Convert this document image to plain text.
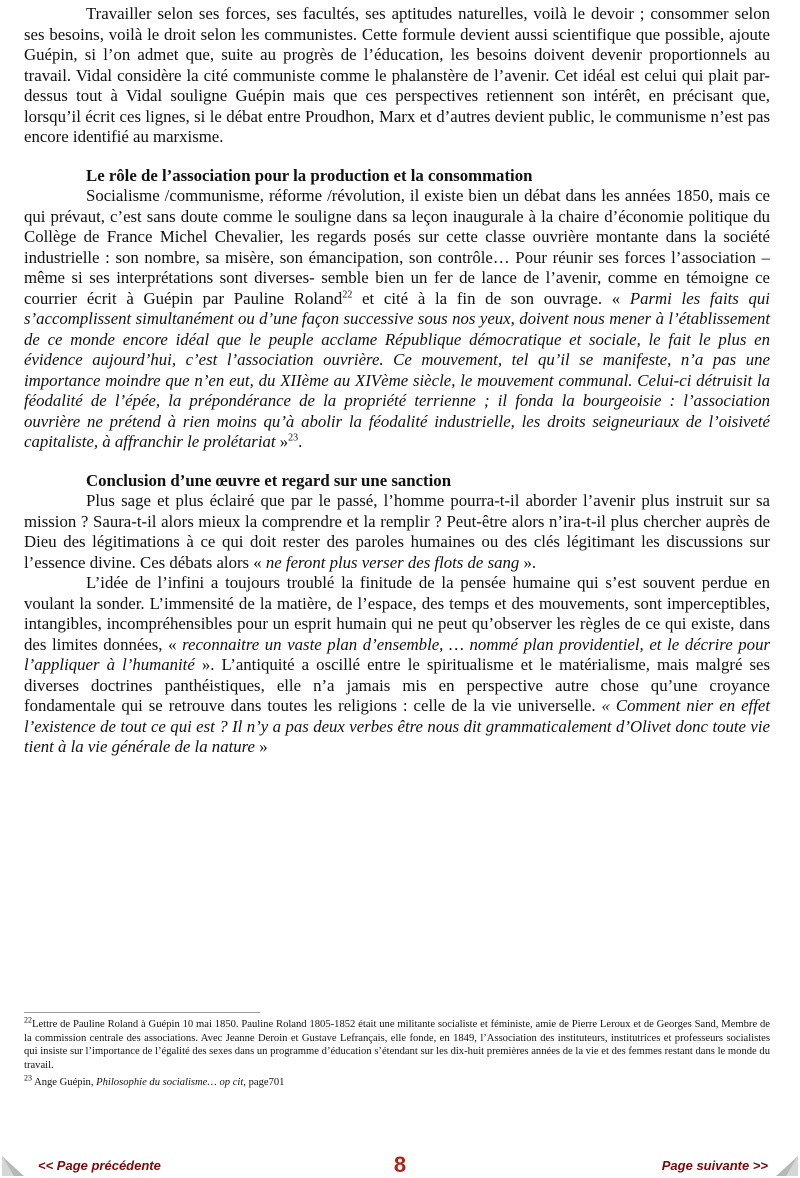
Travailler selon ses forces, ses facultés, ses aptitudes naturelles, voilà le devoir ; consommer selon ses besoins, voilà le droit selon les communistes. Cette formule devient aussi scientifique que possible, ajoute Guépin, si l’on admet que, suite au progrès de l’éducation, les besoins doivent devenir proportionnels au travail. Vidal considère la cité communiste comme le phalanstère de l’avenir. Cet idéal est celui qui plait par-dessus tout à Vidal souligne Guépin mais que ces perspectives retiennent son intérêt, en précisant que, lorsqu’il écrit ces lignes, si le débat entre Proudhon, Marx et d’autres devient public, le communisme n’est pas encore identifié au marxisme.

Le rôle de l’association pour la production et la consommation

Socialisme /communisme, réforme /révolution, il existe bien un débat dans les années 1850, mais ce qui prévaut, c’est sans doute comme le souligne dans sa leçon inaugurale à la chaire d’économie politique du Collège de France Michel Chevalier, les regards posés sur cette classe ouvrière montante dans la société industrielle : son nombre, sa misère, son émancipation, son contrôle… Pour réunir ses forces l’association –même si ses interprétations sont diverses- semble bien un fer de lance de l’avenir, comme en témoigne ce courrier écrit à Guépin par Pauline Roland$^{22}$ et cité à la fin de son ouvrage. « Parmi les faits qui s’accomplissent simultanément ou d’une façon successive sous nos yeux, doivent nous mener à l’établissement de ce monde encore idéal que le peuple acclame République démocratique et sociale, le fait le plus en évidence aujourd’hui, c’est l’association ouvrière. Ce mouvement, tel qu’il se manifeste, n’a pas une importance moindre que n’en eut, du XIIème au XIVème siècle, le mouvement communal. Celui-ci détruisit la féodalité de l’épée, la prépondérance de la propriété terrienne ; il fonda la bourgeoisie : l’association ouvrière ne prétend à rien moins qu’à abolir la féodalité industrielle, les droits seigneuriaux de l’oisiveté capitaliste, à affranchir le prolétariat »$^{23}$.

Conclusion d’une œuvre et regard sur une sanction

Plus sage et plus éclairé que par le passé, l’homme pourra-t-il aborder l’avenir plus instruit sur sa mission ? Saura-t-il alors mieux la comprendre et la remplir ? Peut-être alors n’ira-t-il plus chercher auprès de Dieu des légitimations à ce qui doit rester des paroles humaines ou des clés légitimant les discussions sur l’essence divine. Ces débats alors « ne feront plus verser des flots de sang ».

L’idée de l’infini a toujours troublé la finitude de la pensée humaine qui s’est souvent perdue en voulant la sonder. L’immensité de la matière, de l’espace, des temps et des mouvements, sont imperceptibles, intangibles, incompréhensibles pour un esprit humain qui ne peut qu’observer les règles de ce qui existe, dans des limites données, « reconnaitre un vaste plan d’ensemble, … nommé plan providentiel, et le décrire pour l’appliquer à l’humanité ». L’antiquité a oscillé entre le spiritualisme et le matérialisme, mais malgré ses diverses doctrines panthéistiques, elle n’a jamais mis en perspective autre chose qu’une croyance fondamentale qui se retrouve dans toutes les religions : celle de la vie universelle. « Comment nier en effet l’existence de tout ce qui est ? Il n’y a pas deux verbes être nous dit grammaticalement d’Olivet donc toute vie tient à la vie générale de la nature »

$^{22}$Lettre de Pauline Roland à Guépin 10 mai 1850. Pauline Roland 1805-1852 était une militante socialiste et féministe, amie de Pierre Leroux et de Georges Sand, Membre de la commission centrale des associations. Avec Jeanne Deroin et Gustave Lefrançais, elle fonde, en 1849, l’Association des instituteurs, institutrices et professeurs socialistes qui insiste sur l’importance de l’égalité des sexes dans un programme d’éducation s’étendant sur les dix-huit premières années de la vie et des femmes restant dans le monde du travail.

$^{23}$ Ange Guépin, Philosophie du socialisme… op cit, page701

<< Page précédente	8	Page suivante >>
